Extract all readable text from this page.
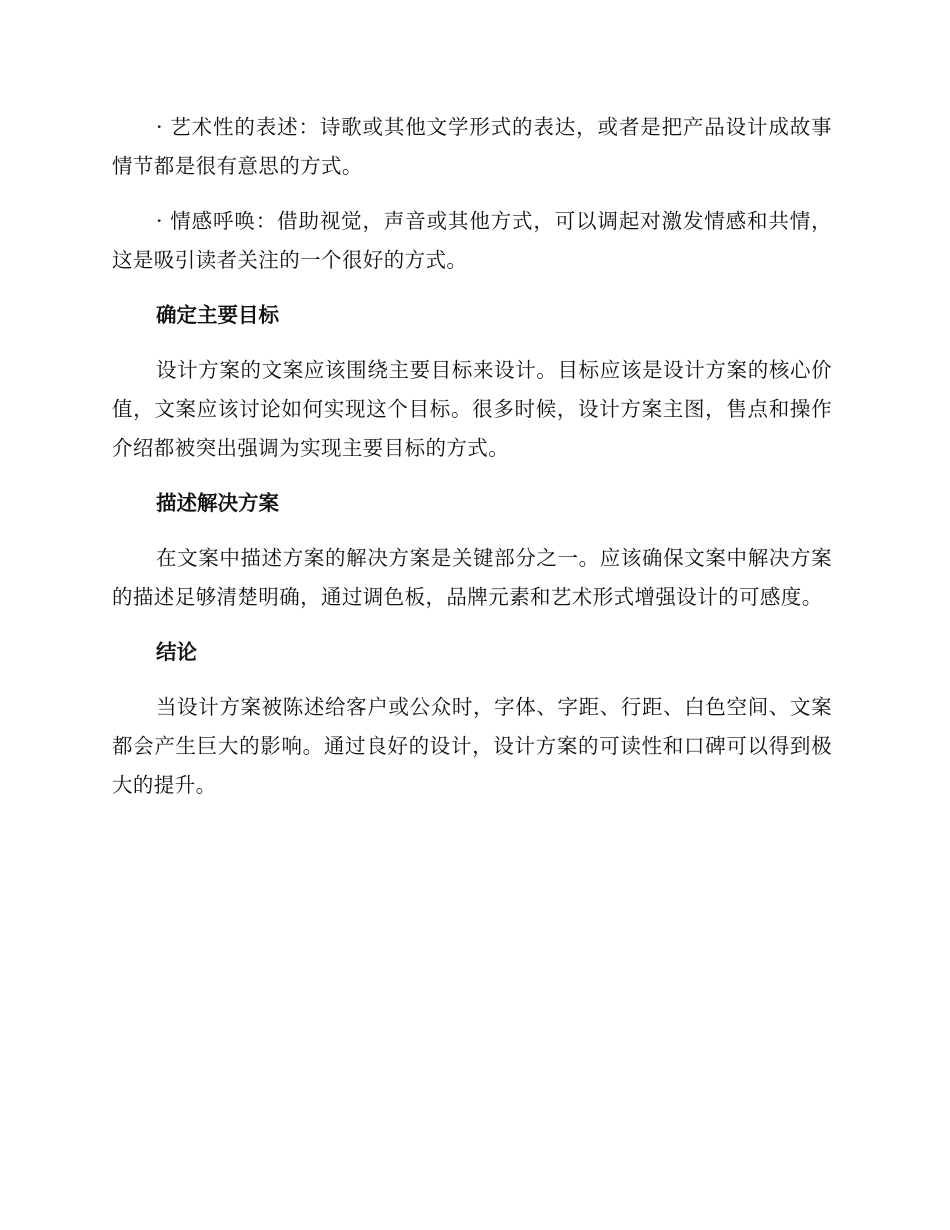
· 艺术性的表述：诗歌或其他文学形式的表达，或者是把产品设计成故事情节都是很有意思的方式。

· 情感呼唤：借助视觉，声音或其他方式，可以调起对激发情感和共情，这是吸引读者关注的一个很好的方式。

确定主要目标

设计方案的文案应该围绕主要目标来设计。目标应该是设计方案的核心价值，文案应该讨论如何实现这个目标。很多时候，设计方案主图，售点和操作介绍都被突出强调为实现主要目标的方式。

描述解决方案

在文案中描述方案的解决方案是关键部分之一。应该确保文案中解决方案的描述足够清楚明确，通过调色板，品牌元素和艺术形式增强设计的可感度。

结论

当设计方案被陈述给客户或公众时，字体、字距、行距、白色空间、文案都会产生巨大的影响。通过良好的设计，设计方案的可读性和口碑可以得到极大的提升。
